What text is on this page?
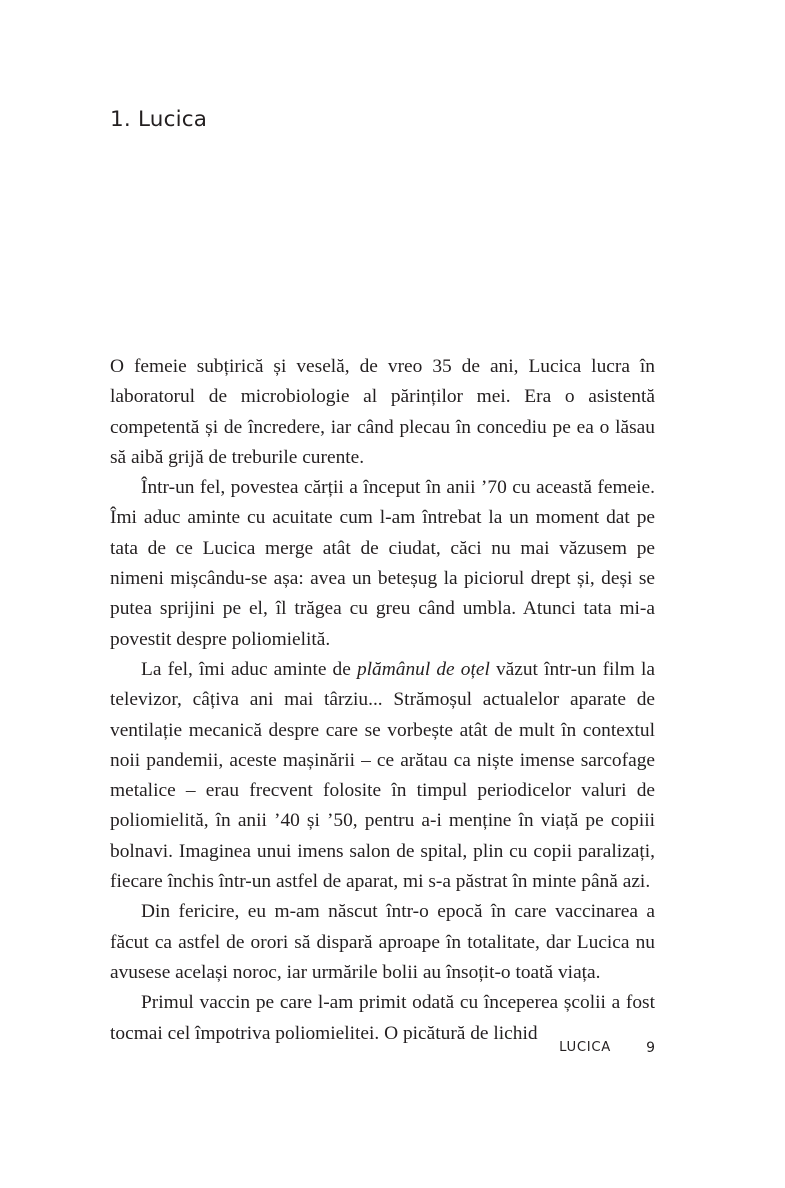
1. Lucica

O femeie subțirică și veselă, de vreo 35 de ani, Lucica lucra în laboratorul de microbiologie al părinților mei. Era o asistentă competentă și de încredere, iar când plecau în concediu pe ea o lăsau să aibă grijă de treburile curente.

Într-un fel, povestea cărții a început în anii ’70 cu această femeie. Îmi aduc aminte cu acuitate cum l-am întrebat la un moment dat pe tata de ce Lucica merge atât de ciudat, căci nu mai văzusem pe nimeni mișcându-se așa: avea un beteșug la piciorul drept și, deși se putea sprijini pe el, îl trăgea cu greu când umbla. Atunci tata mi-a povestit despre poliomielită.

La fel, îmi aduc aminte de plămânul de oțel văzut într-un film la televizor, câțiva ani mai târziu... Strămoșul actualelor aparate de ventilație mecanică despre care se vorbește atât de mult în contextul noii pandemii, aceste mașinării – ce arătau ca niște imense sarcofage metalice – erau frecvent folosite în timpul periodicelor valuri de poliomielită, în anii ’40 și ’50, pentru a-i menține în viață pe copiii bolnavi. Imaginea unui imens salon de spital, plin cu copii paralizați, fiecare închis într-un astfel de aparat, mi s-a păstrat în minte până azi.

Din fericire, eu m-am născut într-o epocă în care vaccinarea a făcut ca astfel de orori să dispară aproape în totalitate, dar Lucica nu avusese același noroc, iar urmările bolii au însoțit-o toată viața.

Primul vaccin pe care l-am primit odată cu începerea școlii a fost tocmai cel împotriva poliomielitei. O picătură de lichid

LUCICA	9
